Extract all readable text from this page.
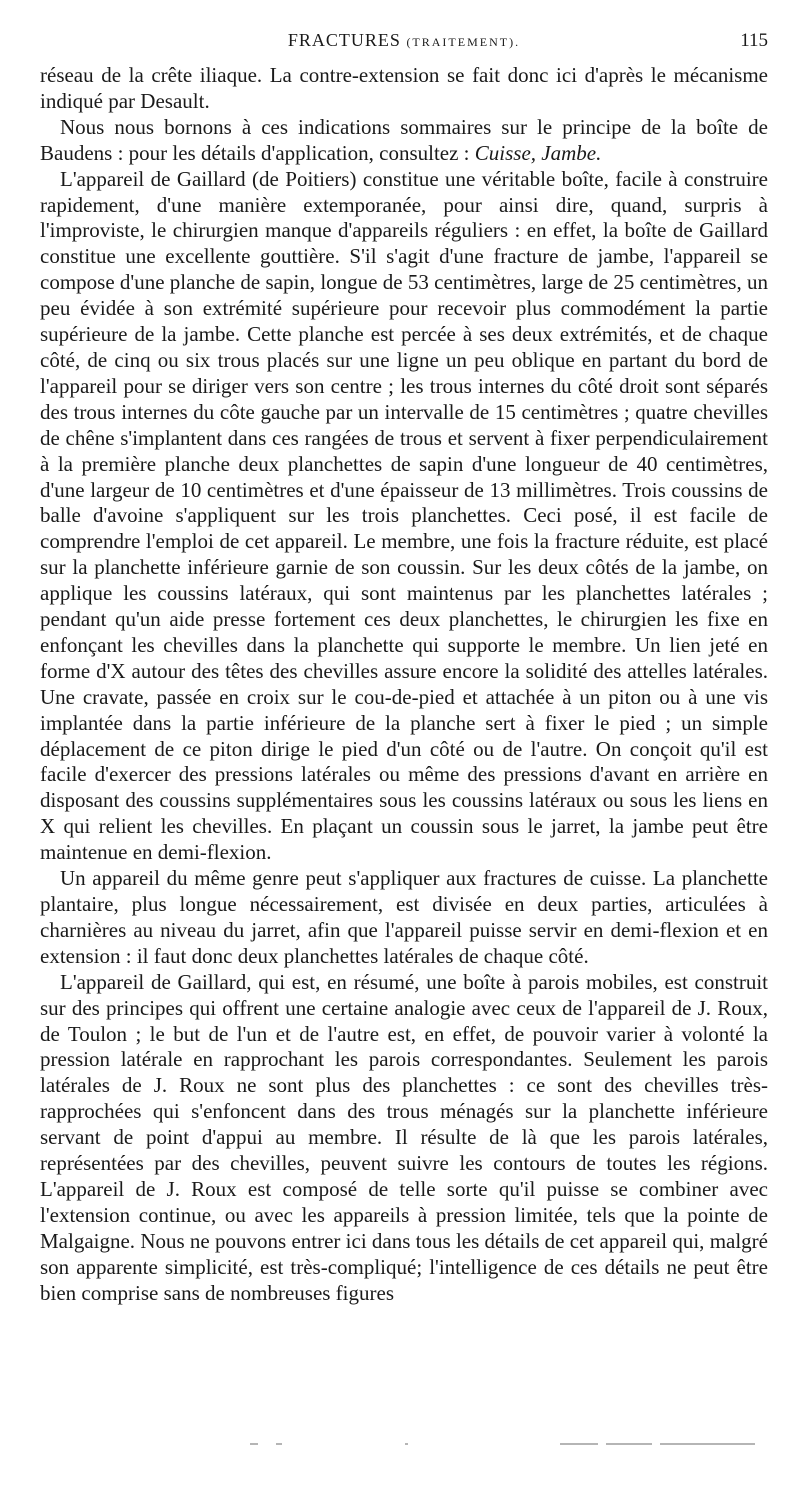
FRACTURES (TRAITEMENT).	115

réseau de la crête iliaque. La contre-extension se fait donc ici d'après le mécanisme indiqué par Desault.

Nous nous bornons à ces indications sommaires sur le principe de la boîte de Baudens : pour les détails d'application, consultez : Cuisse, Jambe.

L'appareil de Gaillard (de Poitiers) constitue une véritable boîte, facile à construire rapidement, d'une manière extemporanée, pour ainsi dire, quand, surpris à l'improviste, le chirurgien manque d'appareils réguliers : en effet, la boîte de Gaillard constitue une excellente gouttière. S'il s'agit d'une fracture de jambe, l'appareil se compose d'une planche de sapin, longue de 53 centimètres, large de 25 centimètres, un peu évidée à son extrémité supérieure pour recevoir plus commodément la partie supérieure de la jambe. Cette planche est percée à ses deux extrémités, et de chaque côté, de cinq ou six trous placés sur une ligne un peu oblique en partant du bord de l'appareil pour se diriger vers son centre ; les trous internes du côté droit sont séparés des trous internes du côte gauche par un intervalle de 15 centimètres ; quatre chevilles de chêne s'implantent dans ces rangées de trous et servent à fixer perpendiculairement à la première planche deux planchettes de sapin d'une longueur de 40 centimètres, d'une largeur de 10 centimètres et d'une épaisseur de 13 millimètres. Trois coussins de balle d'avoine s'appliquent sur les trois planchettes. Ceci posé, il est facile de comprendre l'emploi de cet appareil. Le membre, une fois la fracture réduite, est placé sur la planchette inférieure garnie de son coussin. Sur les deux côtés de la jambe, on applique les coussins latéraux, qui sont maintenus par les planchettes latérales ; pendant qu'un aide presse fortement ces deux planchettes, le chirurgien les fixe en enfonçant les chevilles dans la planchette qui supporte le membre. Un lien jeté en forme d'X autour des têtes des chevilles assure encore la solidité des attelles latérales. Une cravate, passée en croix sur le cou-de-pied et attachée à un piton ou à une vis implantée dans la partie inférieure de la planche sert à fixer le pied ; un simple déplacement de ce piton dirige le pied d'un côté ou de l'autre. On conçoit qu'il est facile d'exercer des pressions latérales ou même des pressions d'avant en arrière en disposant des coussins supplémentaires sous les coussins latéraux ou sous les liens en X qui relient les chevilles. En plaçant un coussin sous le jarret, la jambe peut être maintenue en demi-flexion.

Un appareil du même genre peut s'appliquer aux fractures de cuisse. La planchette plantaire, plus longue nécessairement, est divisée en deux parties, articulées à charnières au niveau du jarret, afin que l'appareil puisse servir en demi-flexion et en extension : il faut donc deux planchettes latérales de chaque côté.

L'appareil de Gaillard, qui est, en résumé, une boîte à parois mobiles, est construit sur des principes qui offrent une certaine analogie avec ceux de l'appareil de J. Roux, de Toulon ; le but de l'un et de l'autre est, en effet, de pouvoir varier à volonté la pression latérale en rapprochant les parois correspondantes. Seulement les parois latérales de J. Roux ne sont plus des planchettes : ce sont des chevilles très-rapprochées qui s'enfoncent dans des trous ménagés sur la planchette inférieure servant de point d'appui au membre. Il résulte de là que les parois latérales, représentées par des chevilles, peuvent suivre les contours de toutes les régions. L'appareil de J. Roux est composé de telle sorte qu'il puisse se combiner avec l'extension continue, ou avec les appareils à pression limitée, tels que la pointe de Malgaigne. Nous ne pouvons entrer ici dans tous les détails de cet appareil qui, malgré son apparente simplicité, est très-compliqué; l'intelligence de ces détails ne peut être bien comprise sans de nombreuses figures
